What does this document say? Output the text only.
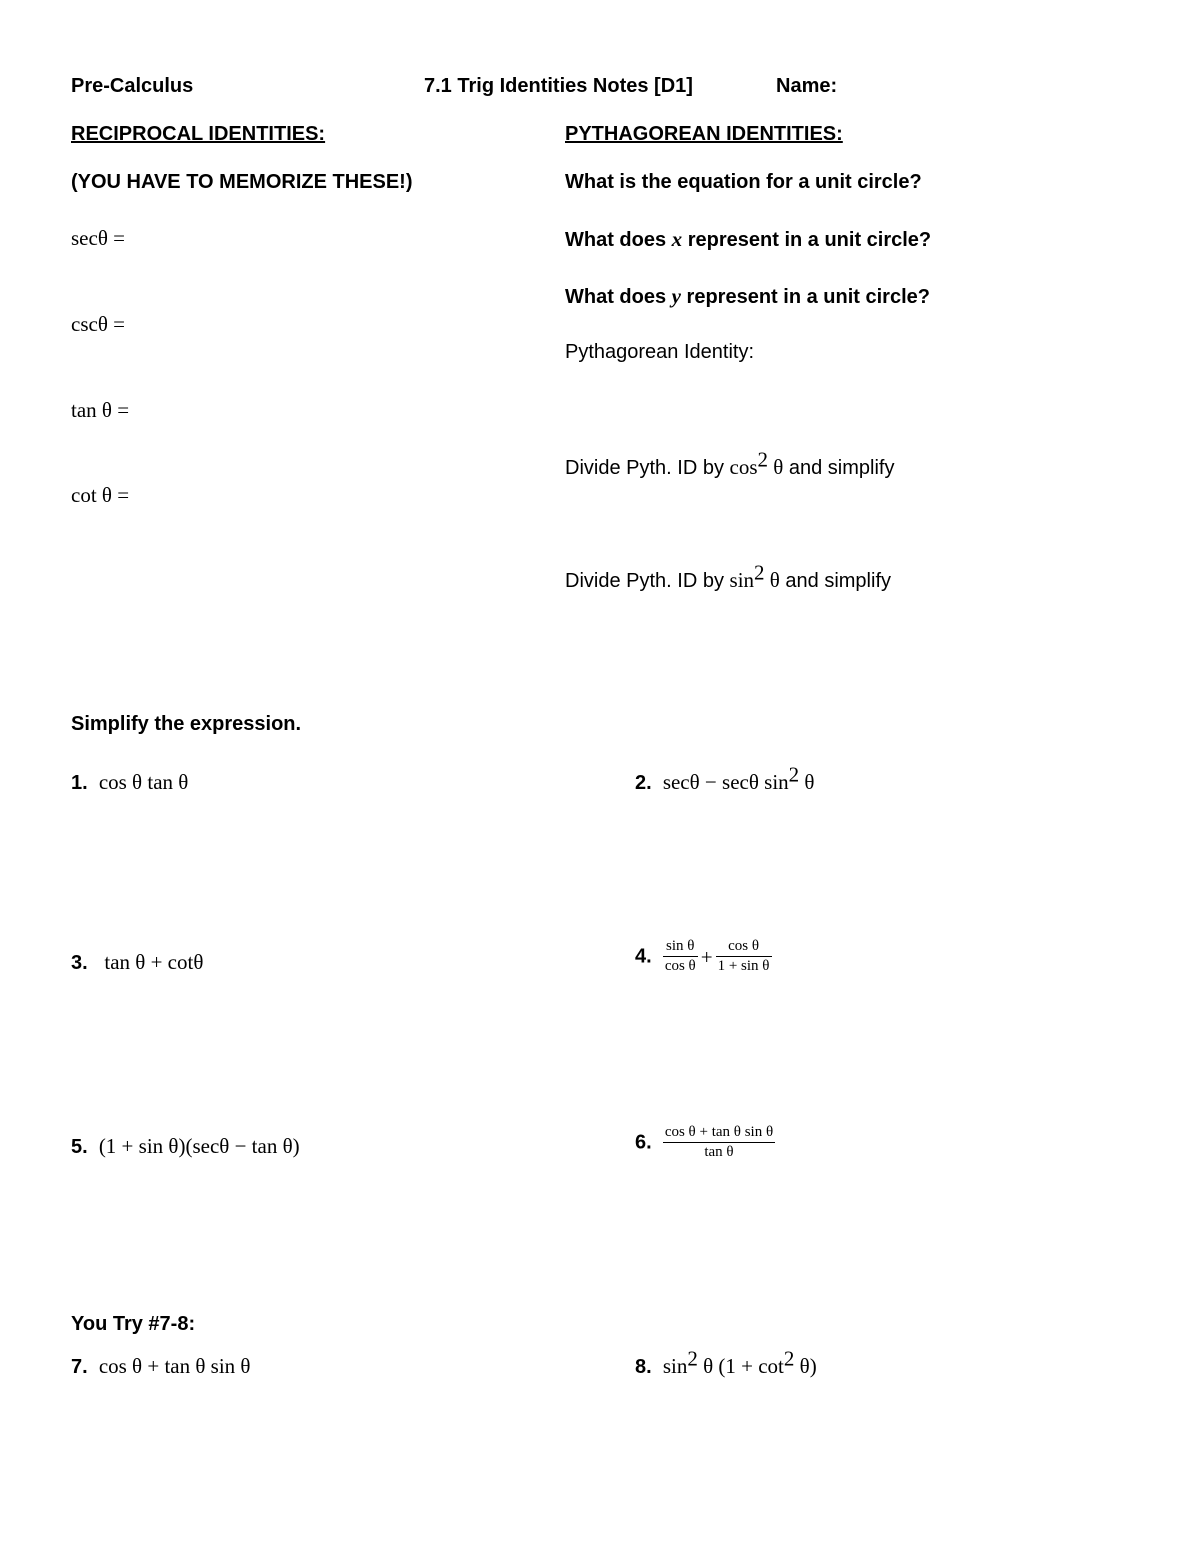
Pre-Calculus	7.1 Trig Identities Notes [D1]	Name:
RECIPROCAL IDENTITIES:
(YOU HAVE TO MEMORIZE THESE!)
secθ =
cscθ =
tan θ =
cot θ =
PYTHAGOREAN IDENTITIES:
What is the equation for a unit circle?
What does x represent in a unit circle?
What does y represent in a unit circle?
Pythagorean Identity:
Divide Pyth. ID by $\cos^2 \theta$ and simplify
Divide Pyth. ID by $\sin^2 \theta$ and simplify
Simplify the expression.
1. cos θ tan θ	2. secθ − secθ $\sin^2 \theta$
3. tan θ + cotθ	4. $\frac{\text{sin θ}}{\text{cos θ}} + \frac{\text{cos θ}}{\text{1 + sin θ}}$
5. (1 + sin θ)(secθ − tan θ)	6. $\frac{\text{cos θ + tan θ sin θ}}{\text{tan θ}}$
You Try #7-8:
7. cos θ + tan θ sin θ	8. $\sin^2 \theta$ $(1 + \cot^2 \theta)$
